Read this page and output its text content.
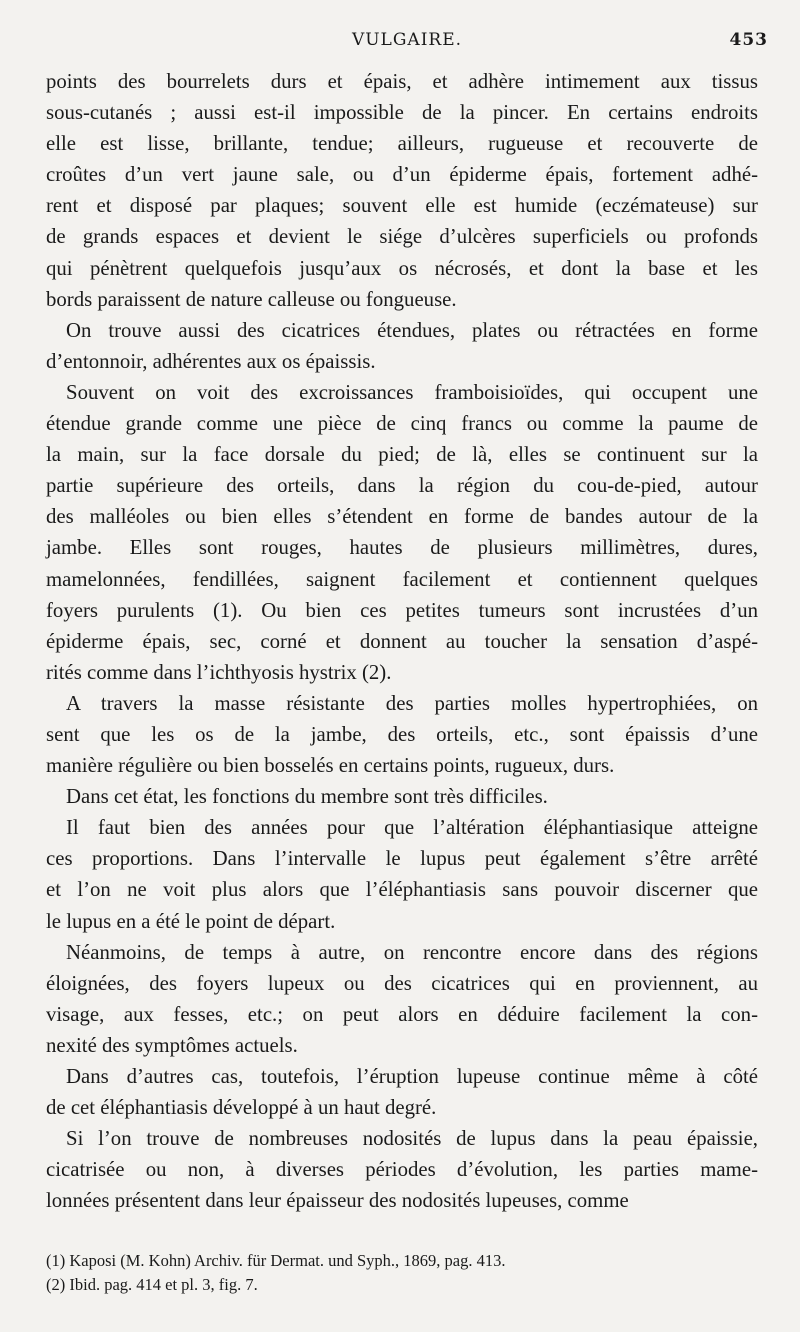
VULGAIRE.	453
points des bourrelets durs et épais, et adhère intimement aux tissus
sous-cutanés ; aussi est-il impossible de la pincer. En certains endroits
elle est lisse, brillante, tendue; ailleurs, rugueuse et recouverte de
croûtes d’un vert jaune sale, ou d’un épiderme épais, fortement adhé-
rent et disposé par plaques; souvent elle est humide (eczémateuse) sur
de grands espaces et devient le siége d’ulcères superficiels ou profonds
qui pénètrent quelquefois jusqu’aux os nécrosés, et dont la base et les
bords paraissent de nature calleuse ou fongueuse.
On trouve aussi des cicatrices étendues, plates ou rétractées en forme
d’entonnoir, adhérentes aux os épaissis.
Souvent on voit des excroissances framboisioïdes, qui occupent une
étendue grande comme une pièce de cinq francs ou comme la paume de
la main, sur la face dorsale du pied; de là, elles se continuent sur la
partie supérieure des orteils, dans la région du cou-de-pied, autour
des malléoles ou bien elles s’étendent en forme de bandes autour de la
jambe. Elles sont rouges, hautes de plusieurs millimètres, dures,
mamelonnées, fendillées, saignent facilement et contiennent quelques
foyers purulents (1). Ou bien ces petites tumeurs sont incrustées d’un
épiderme épais, sec, corné et donnent au toucher la sensation d’aspé-
rités comme dans l’ichthyosis hystrix (2).
A travers la masse résistante des parties molles hypertrophiées, on
sent que les os de la jambe, des orteils, etc., sont épaissis d’une
manière régulière ou bien bosselés en certains points, rugueux, durs.
Dans cet état, les fonctions du membre sont très difficiles.
Il faut bien des années pour que l’altération éléphantiasique atteigne
ces proportions. Dans l’intervalle le lupus peut également s’être arrêté
et l’on ne voit plus alors que l’éléphantiasis sans pouvoir discerner que
le lupus en a été le point de départ.
Néanmoins, de temps à autre, on rencontre encore dans des régions
éloignées, des foyers lupeux ou des cicatrices qui en proviennent, au
visage, aux fesses, etc.; on peut alors en déduire facilement la con-
nexité des symptômes actuels.
Dans d’autres cas, toutefois, l’éruption lupeuse continue même à côté
de cet éléphantiasis développé à un haut degré.
Si l’on trouve de nombreuses nodosités de lupus dans la peau épaissie,
cicatrisée ou non, à diverses périodes d’évolution, les parties mame-
lonnées présentent dans leur épaisseur des nodosités lupeuses, comme
(1) Kaposi (M. Kohn) Archiv. für Dermat. und Syph., 1869, pag. 413.
(2) Ibid. pag. 414 et pl. 3, fig. 7.
